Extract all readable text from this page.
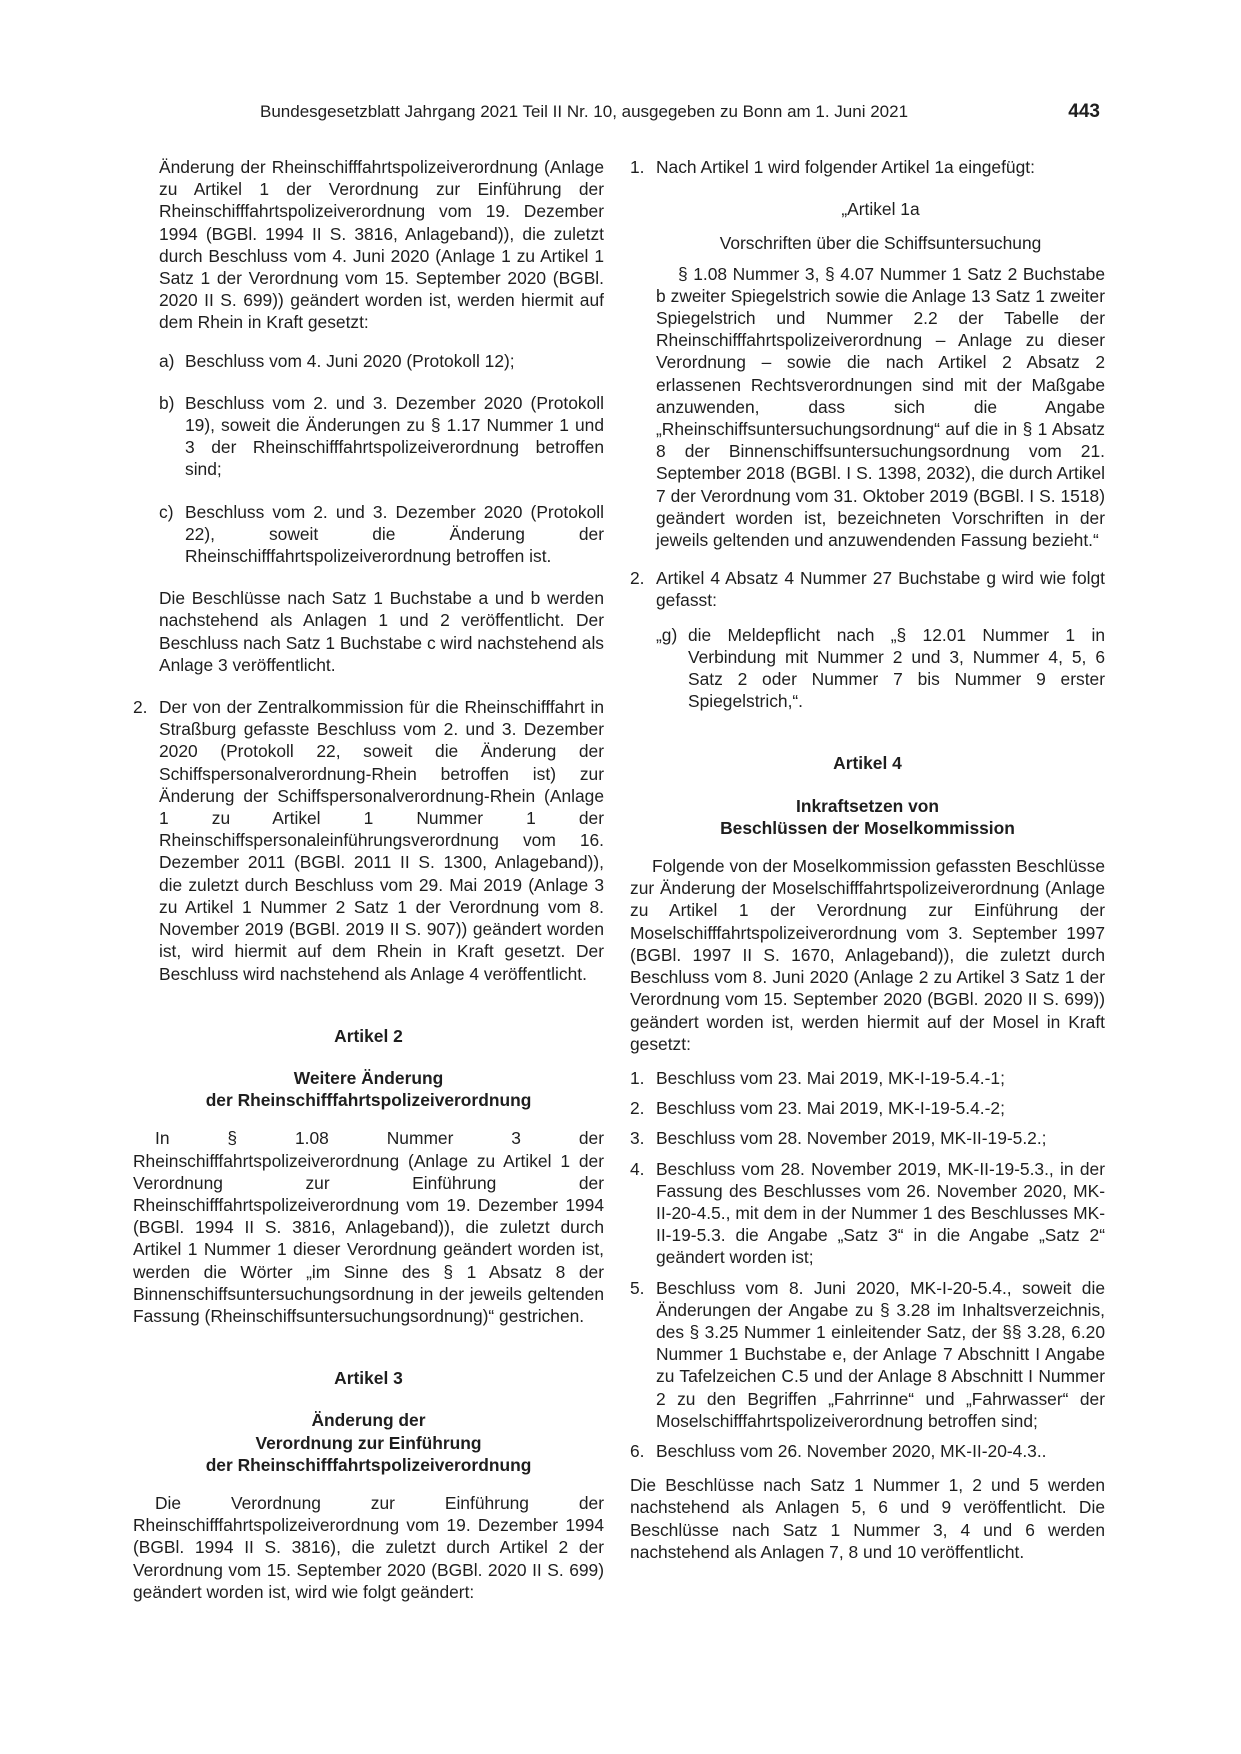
Bundesgesetzblatt Jahrgang 2021 Teil II Nr. 10, ausgegeben zu Bonn am 1. Juni 2021	443

Änderung der Rheinschifffahrtspolizeiverordnung (Anlage zu Artikel 1 der Verordnung zur Einführung der Rheinschifffahrtspolizeiverordnung vom 19. Dezember 1994 (BGBl. 1994 II S. 3816, Anlageband)), die zuletzt durch Beschluss vom 4. Juni 2020 (Anlage 1 zu Artikel 1 Satz 1 der Verordnung vom 15. September 2020 (BGBl. 2020 II S. 699)) geändert worden ist, werden hiermit auf dem Rhein in Kraft gesetzt:

a) Beschluss vom 4. Juni 2020 (Protokoll 12);
b) Beschluss vom 2. und 3. Dezember 2020 (Protokoll 19), soweit die Änderungen zu § 1.17 Nummer 1 und 3 der Rheinschifffahrtspolizeiverordnung betroffen sind;
c) Beschluss vom 2. und 3. Dezember 2020 (Protokoll 22), soweit die Änderung der Rheinschifffahrtspolizeiverordnung betroffen ist.

Die Beschlüsse nach Satz 1 Buchstabe a und b werden nachstehend als Anlagen 1 und 2 veröffentlicht. Der Beschluss nach Satz 1 Buchstabe c wird nachstehend als Anlage 3 veröffentlicht.

2. Der von der Zentralkommission für die Rheinschifffahrt in Straßburg gefasste Beschluss vom 2. und 3. Dezember 2020 (Protokoll 22, soweit die Änderung der Schiffspersonalverordnung-Rhein betroffen ist) zur Änderung der Schiffspersonalverordnung-Rhein (Anlage 1 zu Artikel 1 Nummer 1 der Rheinschiffspersonaleinführungsverordnung vom 16. Dezember 2011 (BGBl. 2011 II S. 1300, Anlageband)), die zuletzt durch Beschluss vom 29. Mai 2019 (Anlage 3 zu Artikel 1 Nummer 2 Satz 1 der Verordnung vom 8. November 2019 (BGBl. 2019 II S. 907)) geändert worden ist, wird hiermit auf dem Rhein in Kraft gesetzt. Der Beschluss wird nachstehend als Anlage 4 veröffentlicht.

Artikel 2

Weitere Änderung

der Rheinschifffahrtspolizeiverordnung

In § 1.08 Nummer 3 der Rheinschifffahrtspolizeiverordnung (Anlage zu Artikel 1 der Verordnung zur Einführung der Rheinschifffahrtspolizeiverordnung vom 19. Dezember 1994 (BGBl. 1994 II S. 3816, Anlageband)), die zuletzt durch Artikel 1 Nummer 1 dieser Verordnung geändert worden ist, werden die Wörter „im Sinne des § 1 Absatz 8 der Binnenschiffsuntersuchungsordnung in der jeweils geltenden Fassung (Rheinschiffsuntersuchungsordnung)“ gestrichen.

Artikel 3

Änderung der

Verordnung zur Einführung

der Rheinschifffahrtspolizeiverordnung

Die Verordnung zur Einführung der Rheinschifffahrtspolizeiverordnung vom 19. Dezember 1994 (BGBl. 1994 II S. 3816), die zuletzt durch Artikel 2 der Verordnung vom 15. September 2020 (BGBl. 2020 II S. 699) geändert worden ist, wird wie folgt geändert:

1. Nach Artikel 1 wird folgender Artikel 1a eingefügt:

„Artikel 1a

Vorschriften über die Schiffsuntersuchung

§ 1.08 Nummer 3, § 4.07 Nummer 1 Satz 2 Buchstabe b zweiter Spiegelstrich sowie die Anlage 13 Satz 1 zweiter Spiegelstrich und Nummer 2.2 der Tabelle der Rheinschifffahrtspolizeiverordnung – Anlage zu dieser Verordnung – sowie die nach Artikel 2 Absatz 2 erlassenen Rechtsverordnungen sind mit der Maßgabe anzuwenden, dass sich die Angabe „Rheinschiffsuntersuchungsordnung“ auf die in § 1 Absatz 8 der Binnenschiffsuntersuchungsordnung vom 21. September 2018 (BGBl. I S. 1398, 2032), die durch Artikel 7 der Verordnung vom 31. Oktober 2019 (BGBl. I S. 1518) geändert worden ist, bezeichneten Vorschriften in der jeweils geltenden und anzuwendenden Fassung bezieht.“

2. Artikel 4 Absatz 4 Nummer 27 Buchstabe g wird wie folgt gefasst:
„g) die Meldepflicht nach „§ 12.01 Nummer 1 in Verbindung mit Nummer 2 und 3, Nummer 4, 5, 6 Satz 2 oder Nummer 7 bis Nummer 9 erster Spiegelstrich,“.

Artikel 4

Inkraftsetzen von

Beschlüssen der Moselkommission

Folgende von der Moselkommission gefassten Beschlüsse zur Änderung der Moselschifffahrtspolizeiverordnung (Anlage zu Artikel 1 der Verordnung zur Einführung der Moselschifffahrtspolizeiverordnung vom 3. September 1997 (BGBl. 1997 II S. 1670, Anlageband)), die zuletzt durch Beschluss vom 8. Juni 2020 (Anlage 2 zu Artikel 3 Satz 1 der Verordnung vom 15. September 2020 (BGBl. 2020 II S. 699)) geändert worden ist, werden hiermit auf der Mosel in Kraft gesetzt:

1. Beschluss vom 23. Mai 2019, MK-I-19-5.4.-1;
2. Beschluss vom 23. Mai 2019, MK-I-19-5.4.-2;
3. Beschluss vom 28. November 2019, MK-II-19-5.2.;
4. Beschluss vom 28. November 2019, MK-II-19-5.3., in der Fassung des Beschlusses vom 26. November 2020, MK-II-20-4.5., mit dem in der Nummer 1 des Beschlusses MK-II-19-5.3. die Angabe „Satz 3“ in die Angabe „Satz 2“ geändert worden ist;
5. Beschluss vom 8. Juni 2020, MK-I-20-5.4., soweit die Änderungen der Angabe zu § 3.28 im Inhaltsverzeichnis, des § 3.25 Nummer 1 einleitender Satz, der §§ 3.28, 6.20 Nummer 1 Buchstabe e, der Anlage 7 Abschnitt I Angabe zu Tafelzeichen C.5 und der Anlage 8 Abschnitt I Nummer 2 zu den Begriffen „Fahrrinne“ und „Fahrwasser“ der Moselschifffahrtspolizeiverordnung betroffen sind;
6. Beschluss vom 26. November 2020, MK-II-20-4.3..

Die Beschlüsse nach Satz 1 Nummer 1, 2 und 5 werden nachstehend als Anlagen 5, 6 und 9 veröffentlicht. Die Beschlüsse nach Satz 1 Nummer 3, 4 und 6 werden nachstehend als Anlagen 7, 8 und 10 veröffentlicht.
